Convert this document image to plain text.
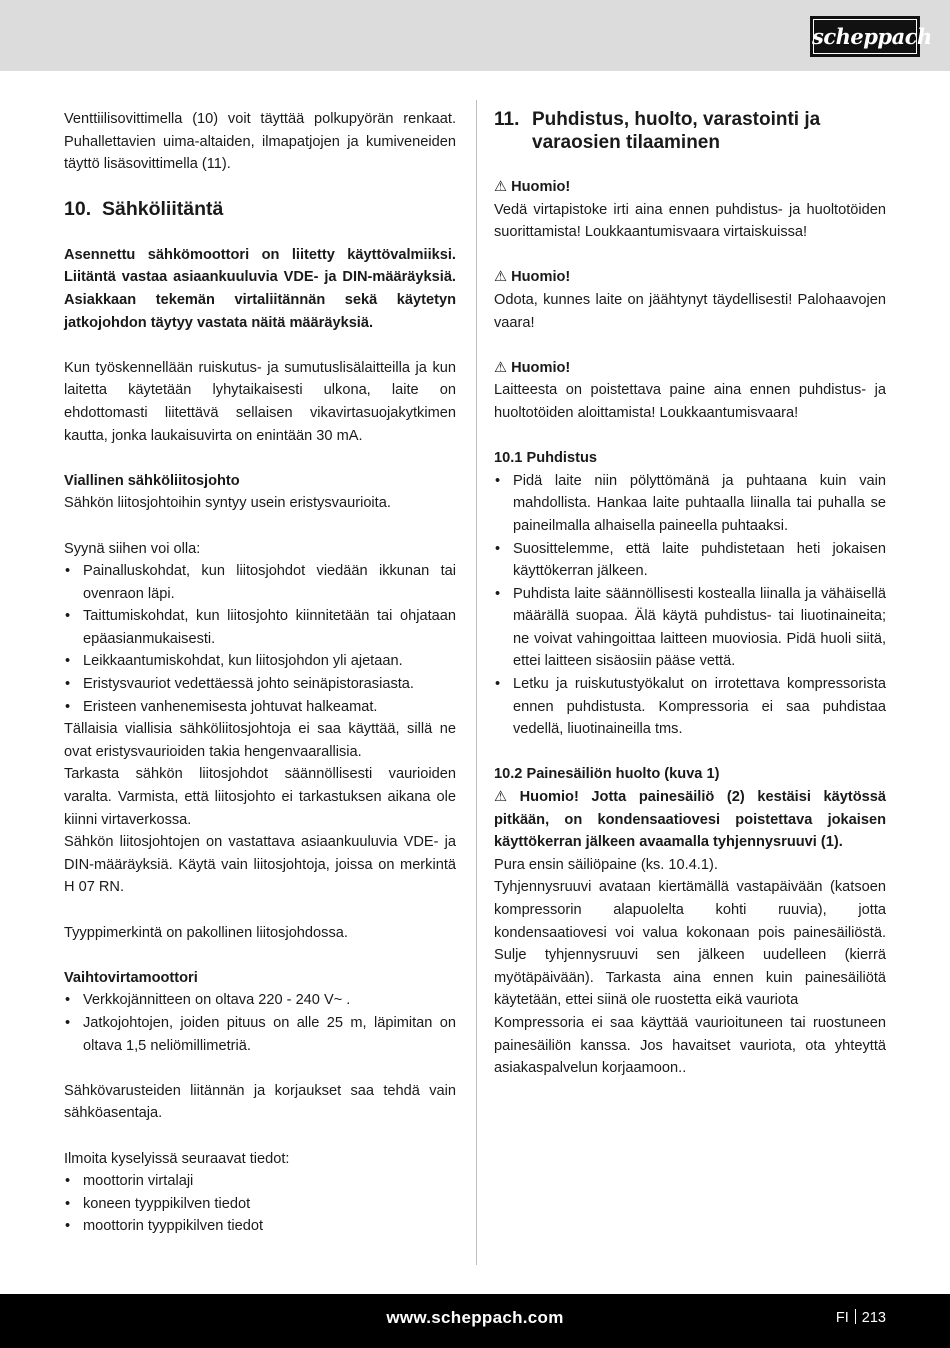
scheppach

Venttiilisovittimella (10) voit täyttää polkupyörän renkaat. Puhallettavien uima-altaiden, ilmapatjojen ja kumiveneiden täyttö lisäsovittimella (11).

10. Sähköliitäntä

Asennettu sähkömoottori on liitetty käyttövalmiiksi. Liitäntä vastaa asiaankuuluvia VDE- ja DIN-määräyksiä. Asiakkaan tekemän virtaliitännän sekä käytetyn jatkojohdon täytyy vastata näitä määräyksiä.

Kun työskennellään ruiskutus- ja sumutuslisälaitteilla ja kun laitetta käytetään lyhytaikaisesti ulkona, laite on ehdottomasti liitettävä sellaisen vikavirtasuojakytkimen kautta, jonka laukaisuvirta on enintään 30 mA.

Viallinen sähköliitosjohto

Sähkön liitosjohtoihin syntyy usein eristysvaurioita.

Syynä siihen voi olla:

• Painalluskohdat, kun liitosjohdot viedään ikkunan tai ovenraon läpi.
• Taittumiskohdat, kun liitosjohto kiinnitetään tai ohjataan epäasianmukaisesti.
• Leikkaantumiskohdat, kun liitosjohdon yli ajetaan.
• Eristysvauriot vedettäessä johto seinäpistorasiasta.
• Eristeen vanhenemisesta johtuvat halkeamat.

Tällaisia viallisia sähköliitosjohtoja ei saa käyttää, sillä ne ovat eristysvaurioiden takia hengenvaarallisia.

Tarkasta sähkön liitosjohdot säännöllisesti vaurioiden varalta. Varmista, että liitosjohto ei tarkastuksen aikana ole kiinni virtaverkossa.

Sähkön liitosjohtojen on vastattava asiaankuuluvia VDE- ja DIN-määräyksiä. Käytä vain liitosjohtoja, joissa on merkintä H 07 RN.

Tyyppimerkintä on pakollinen liitosjohdossa.

Vaihtovirtamoottori

• Verkkojännitteen on oltava 220 - 240 V~ .
• Jatkojohtojen, joiden pituus on alle 25 m, läpimitan on oltava 1,5 neliömillimetriä.

Sähkövarusteiden liitännän ja korjaukset saa tehdä vain sähköasentaja.

Ilmoita kyselyissä seuraavat tiedot:

• moottorin virtalaji
• koneen tyyppikilven tiedot
• moottorin tyyppikilven tiedot
11. Puhdistus, huolto, varastointi ja varaosien tilaaminen

⚠ Huomio!

Vedä virtapistoke irti aina ennen puhdistus- ja huoltotöiden suorittamista! Loukkaantumisvaara virtaiskuissa!

⚠ Huomio!

Odota, kunnes laite on jäähtynyt täydellisesti! Palohaavojen vaara!

⚠ Huomio!

Laitteesta on poistettava paine aina ennen puhdistus- ja huoltotöiden aloittamista! Loukkaantumisvaara!

10.1 Puhdistus

• Pidä laite niin pölyttömänä ja puhtaana kuin vain mahdollista. Hankaa laite puhtaalla liinalla tai puhalla se paineilmalla alhaisella paineella puhtaaksi.
• Suosittelemme, että laite puhdistetaan heti jokaisen käyttökerran jälkeen.
• Puhdista laite säännöllisesti kostealla liinalla ja vähäisellä määrällä suopaa. Älä käytä puhdistus- tai liuotinaineita; ne voivat vahingoittaa laitteen muoviosia. Pidä huoli siitä, ettei laitteen sisäosiin pääse vettä.
• Letku ja ruiskutustyökalut on irrotettava kompressorista ennen puhdistusta. Kompressoria ei saa puhdistaa vedellä, liuotinaineilla tms.

10.2 Painesäiliön huolto (kuva 1)

⚠ Huomio! Jotta painesäiliö (2) kestäisi käytössä pitkään, on kondensaatiovesi poistettava jokaisen käyttökerran jälkeen avaamalla tyhjennysruuvi (1).

Pura ensin säiliöpaine (ks. 10.4.1).

Tyhjennysruuvi avataan kiertämällä vastapäivään (katsoen kompressorin alapuolelta kohti ruuvia), jotta kondensaatiovesi voi valua kokonaan pois painesäiliöstä. Sulje tyhjennysruuvi sen jälkeen uudelleen (kierrä myötäpäivään). Tarkasta aina ennen kuin painesäiliötä käytetään, ettei siinä ole ruostetta eikä vauriota

Kompressoria ei saa käyttää vaurioituneen tai ruostuneen painesäiliön kanssa. Jos havaitset vauriota, ota yhteyttä asiakaspalvelun korjaamoon..

www.scheppach.com	FI 213
